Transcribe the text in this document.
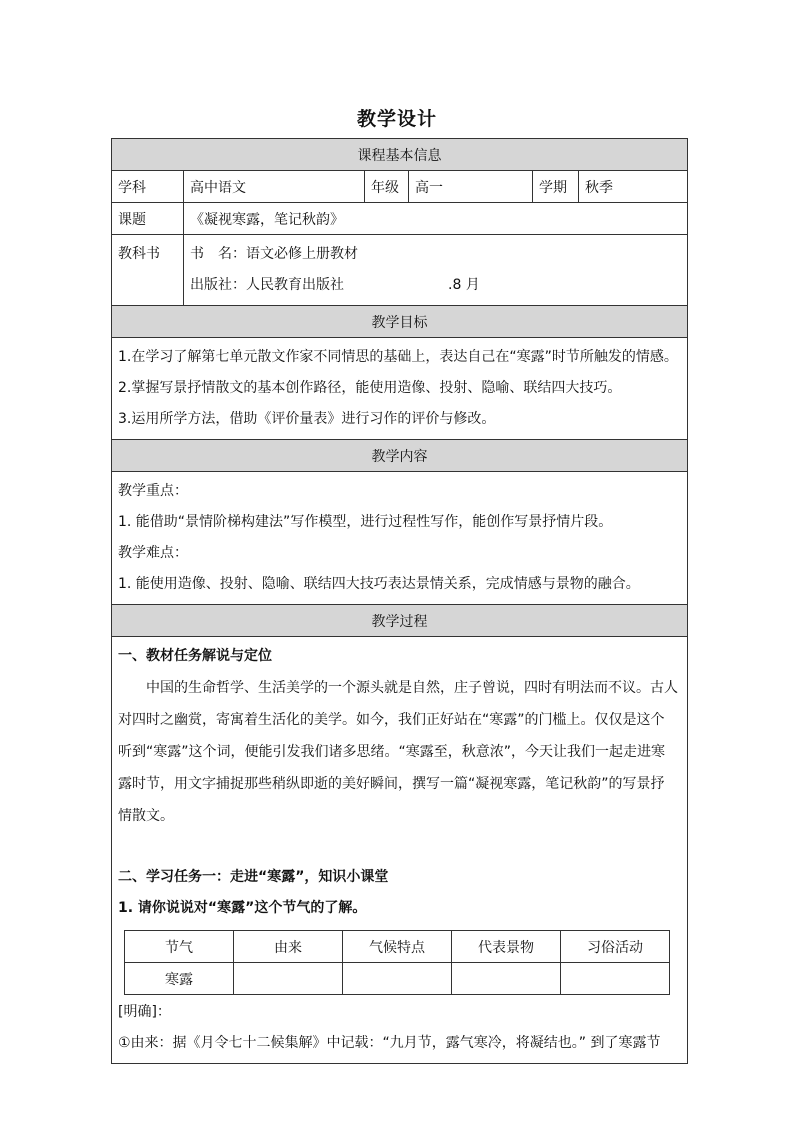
教学设计
课程基本信息
学科	高中语文	年级	高一	学期	秋季
课题	《凝视寒露，笔记秋韵》

教科书	书　名：语文必修上册教材
出版社：人民教育出版社	.8 月

教学目标

1.在学习了解第七单元散文作家不同情思的基础上，表达自己在“寒露”时节所触发的情感。
2.掌握写景抒情散文的基本创作路径，能使用造像、投射、隐喻、联结四大技巧。
3.运用所学方法，借助《评价量表》进行习作的评价与修改。

教学内容

教学重点：
1. 能借助“景情阶梯构建法”写作模型，进行过程性写作，能创作写景抒情片段。
教学难点：
1. 能使用造像、投射、隐喻、联结四大技巧表达景情关系，完成情感与景物的融合。

教学过程

一、教材任务解说与定位
中国的生命哲学、生活美学的一个源头就是自然，庄子曾说，四时有明法而不议。古人
对四时之幽赏，寄寓着生活化的美学。如今，我们正好站在“寒露”的门槛上。仅仅是这个
听到“寒露”这个词，便能引发我们诸多思绪。“寒露至，秋意浓”，今天让我们一起走进寒
露时节，用文字捕捉那些稍纵即逝的美好瞬间，撰写一篇“凝视寒露，笔记秋韵”的写景抒
情散文。
二、学习任务一：走进“寒露”，知识小课堂
1. 请你说说对“寒露”这个节气的了解。
节气	由来	气候特点	代表景物	习俗活动
寒露				
[明确]：
①由来：据《月令七十二候集解》中记载：“九月节，露气寒冷，将凝结也。” 到了寒露节
